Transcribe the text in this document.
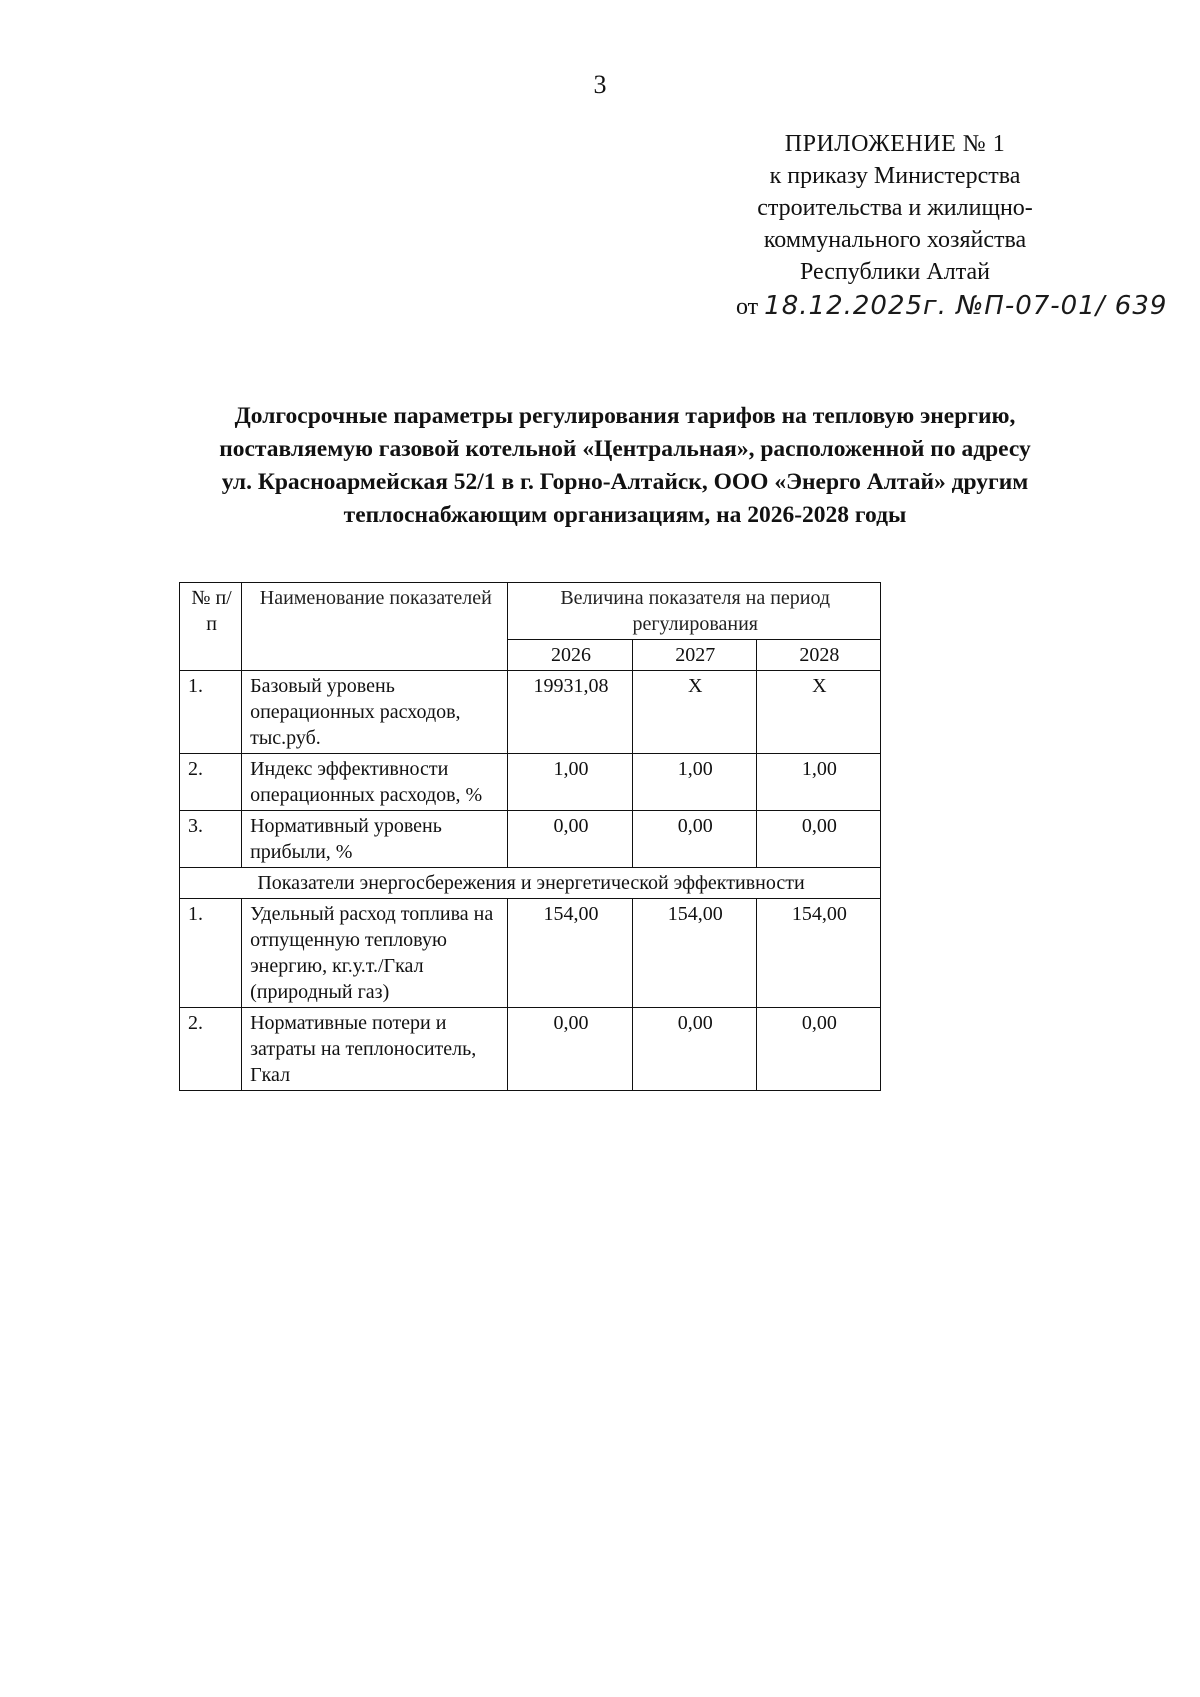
3
ПРИЛОЖЕНИЕ № 1
к приказу Министерства
строительства и жилищно-
коммунального хозяйства
Республики Алтай
от 18.12.2025г. №П-07-01/ 639
Долгосрочные параметры регулирования тарифов на тепловую энергию,
поставляемую газовой котельной «Центральная», расположенной по адресу
ул. Красноармейская 52/1 в г. Горно-Алтайск, ООО «Энерго Алтай» другим
теплоснабжающим организациям, на 2026-2028 годы
№ п/п	Наименование показателей	Величина показателя на период регулирования		
		2026	2027	2028
1.	Базовый уровень операционных расходов, тыс.руб.	19931,08	Х	Х
2.	Индекс эффективности операционных расходов, %	1,00	1,00	1,00
3.	Нормативный уровень прибыли, %	0,00	0,00	0,00
Показатели энергосбережения и энергетической эффективности				
1.	Удельный расход топлива на отпущенную тепловую энергию, кг.у.т./Гкал (природный газ)	154,00	154,00	154,00
2.	Нормативные потери и затраты на теплоноситель, Гкал	0,00	0,00	0,00
